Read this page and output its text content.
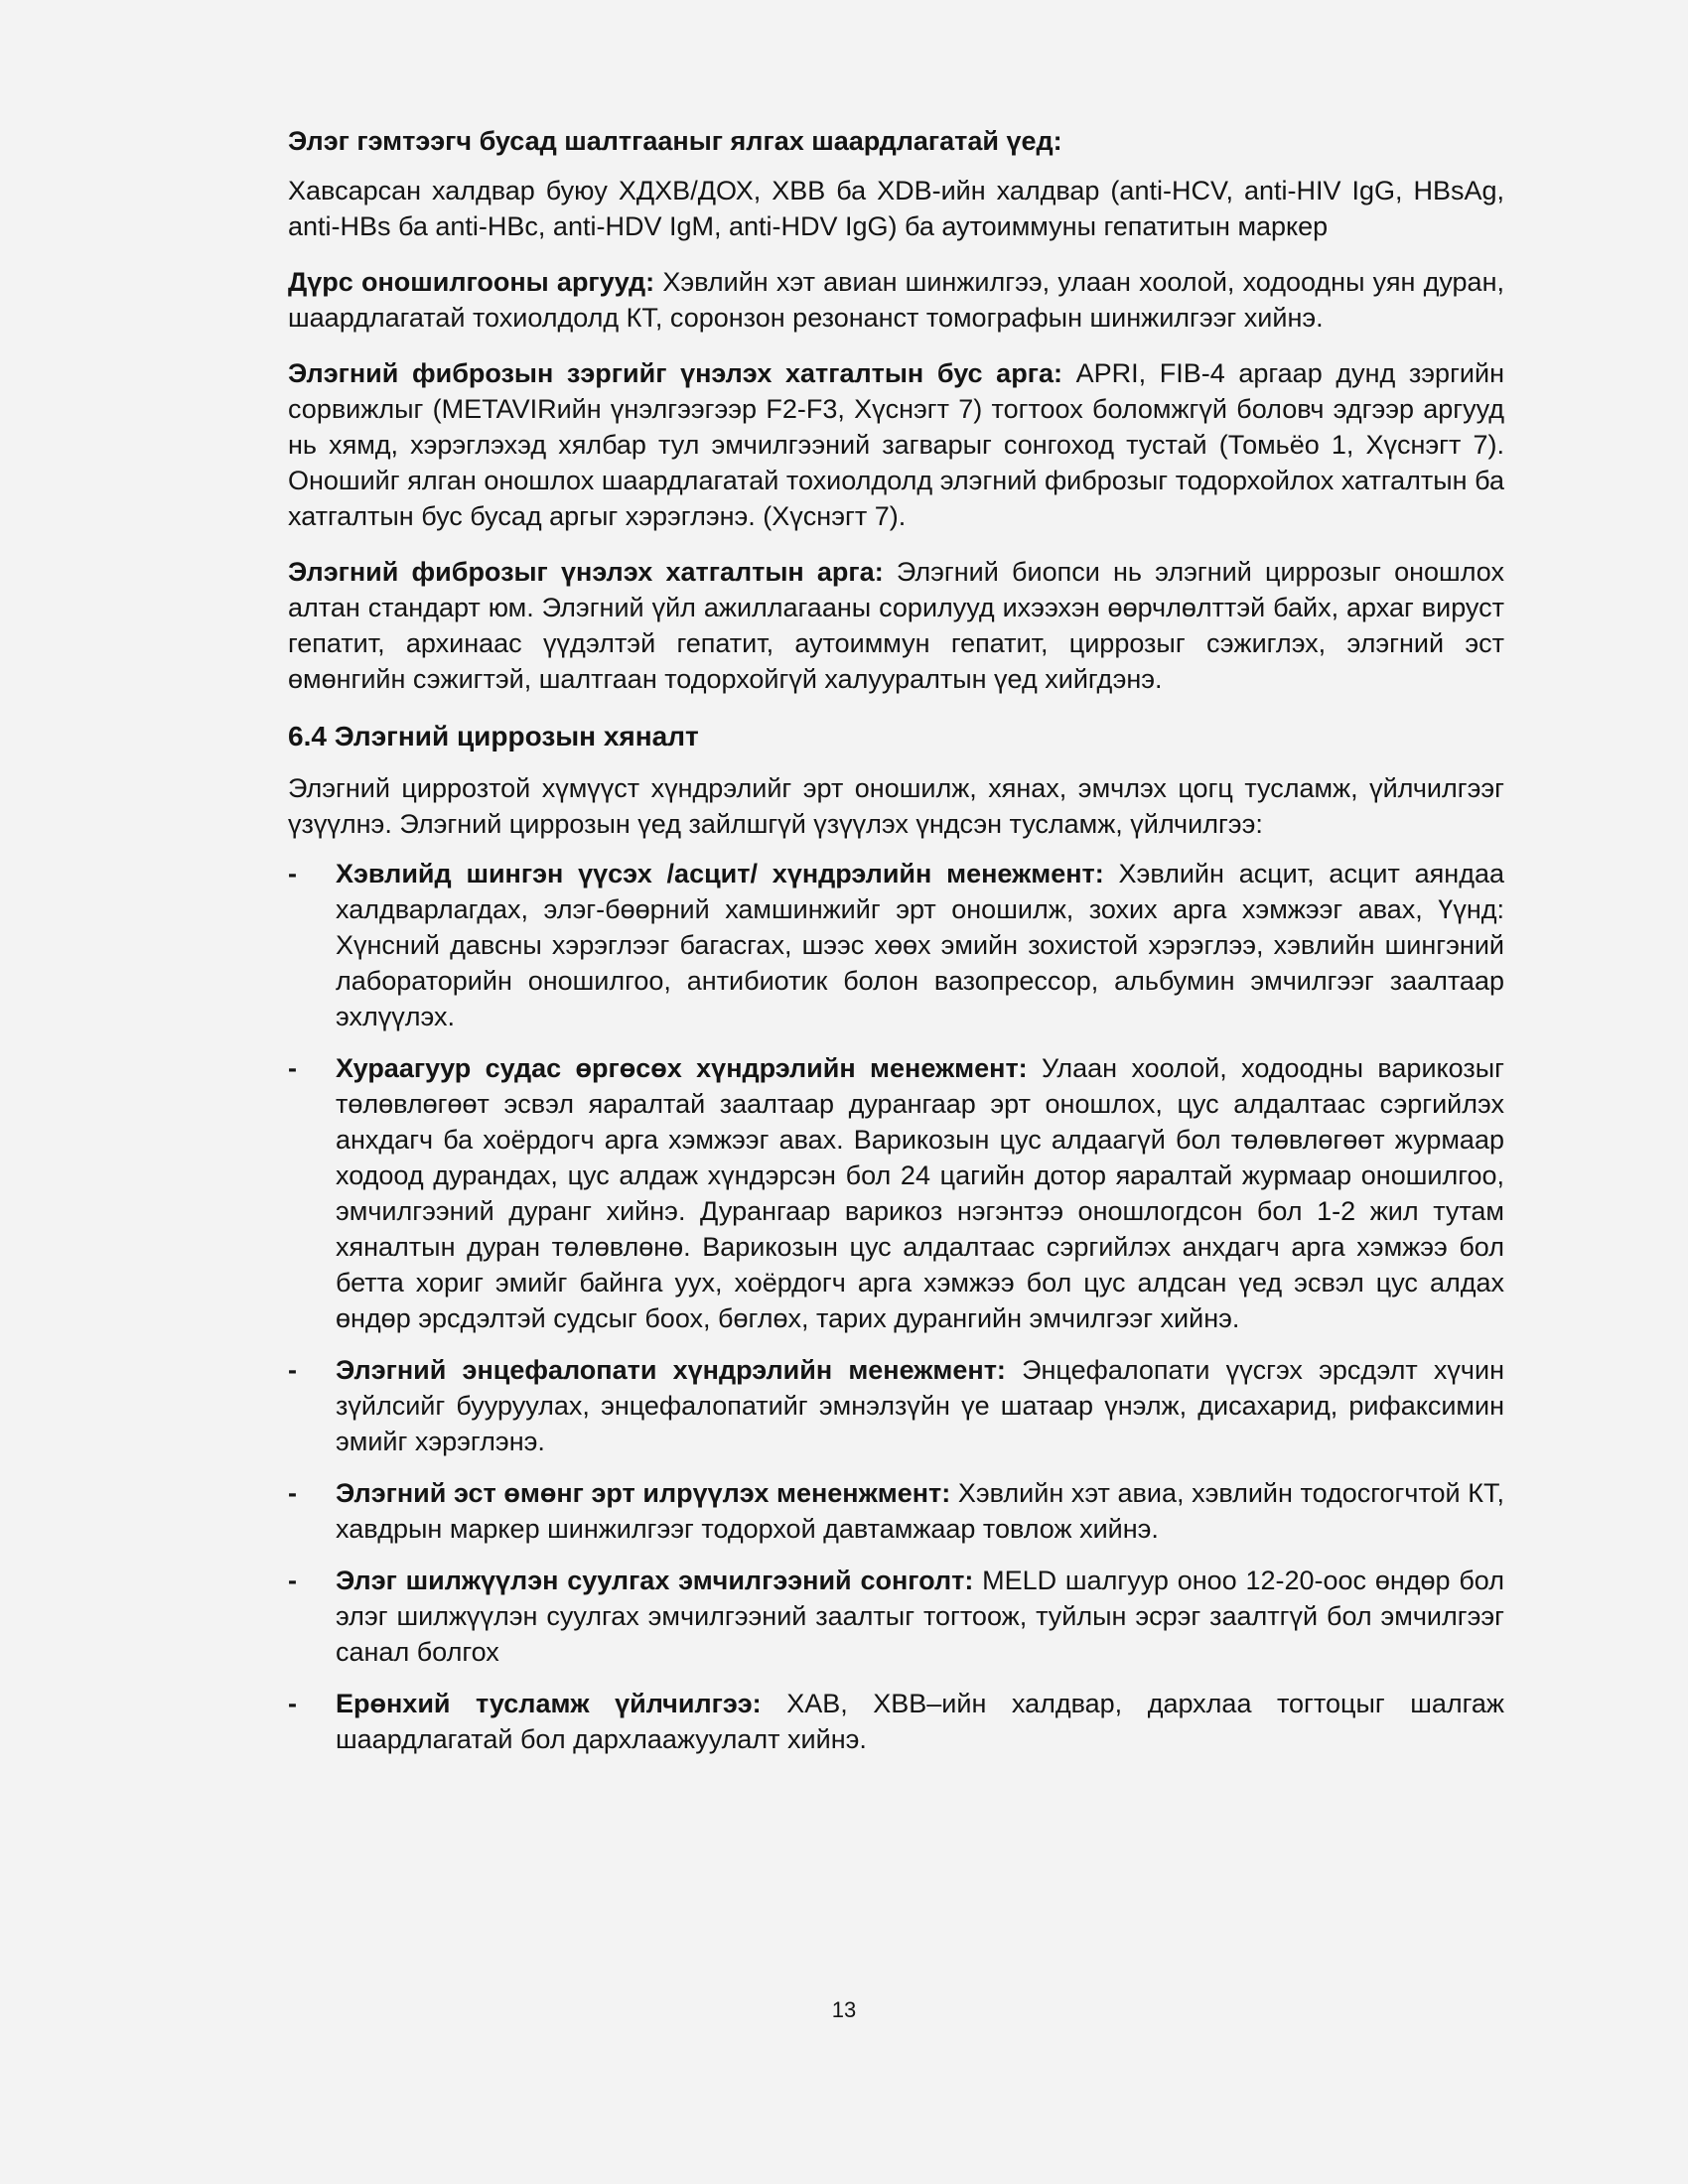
Элэг гэмтээгч бусад шалтгааныг ялгах шаардлагатай үед:

Хавсарсан халдвар буюу ХДХВ/ДОХ, ХВВ ба ХDВ-ийн халдвар (anti-HCV, anti-HIV IgG, HBsAg, anti-HBs ба anti-HBc, anti-HDV IgM, anti-HDV IgG) ба аутоиммуны гепатитын маркер

Дүрс оношилгооны аргууд: Хэвлийн хэт авиан шинжилгээ, улаан хоолой, ходоодны уян дуран, шаардлагатай тохиолдолд КТ, соронзон резонанст томографын шинжилгээг хийнэ.

Элэгний фиброзын зэргийг үнэлэх хатгалтын бус арга: APRI, FIB-4 аргаар дунд зэргийн сорвижлыг (METAVIRийн үнэлгээгээр F2-F3, Хүснэгт 7) тогтоох боломжгүй боловч эдгээр аргууд нь хямд, хэрэглэхэд хялбар тул эмчилгээний загварыг сонгоход тустай (Томьёо 1, Хүснэгт 7). Оношийг ялган оношлох шаардлагатай тохиолдолд элэгний фиброзыг тодорхойлох хатгалтын ба хатгалтын бус бусад аргыг хэрэглэнэ. (Хүснэгт 7).

Элэгний фиброзыг үнэлэх хатгалтын арга: Элэгний биопси нь элэгний циррозыг оношлох алтан стандарт юм. Элэгний үйл ажиллагааны сорилууд ихээхэн өөрчлөлттэй байх, архаг вируст гепатит, архинаас үүдэлтэй гепатит, аутоиммун гепатит, циррозыг сэжиглэх, элэгний эст өмөнгийн сэжигтэй, шалтгаан тодорхойгүй халууралтын үед хийгдэнэ.

6.4 Элэгний циррозын хяналт

Элэгний циррозтой хүмүүст хүндрэлийг эрт оношилж, хянах, эмчлэх цогц тусламж, үйлчилгээг үзүүлнэ. Элэгний циррозын үед зайлшгүй үзүүлэх үндсэн тусламж, үйлчилгээ:

-	Хэвлийд шингэн үүсэх /асцит/ хүндрэлийн менежмент: Хэвлийн асцит, асцит аяндаа халдварлагдах, элэг-бөөрний хамшинжийг эрт оношилж, зохих арга хэмжээг авах, Үүнд: Хүнсний давсны хэрэглээг багасгах, шээс хөөх эмийн зохистой хэрэглээ, хэвлийн шингэний лабораторийн оношилгоо, антибиотик болон вазопрессор, альбумин эмчилгээг заалтаар эхлүүлэх.
-	Хураагуур судас өргөсөх хүндрэлийн менежмент: Улаан хоолой, ходоодны варикозыг төлөвлөгөөт эсвэл яаралтай заалтаар дурангаар эрт оношлох, цус алдалтаас сэргийлэх анхдагч ба хоёрдогч арга хэмжээг авах. Варикозын цус алдаагүй бол төлөвлөгөөт журмаар ходоод дурандах, цус алдаж хүндэрсэн бол 24 цагийн дотор яаралтай журмаар оношилгоо, эмчилгээний дуранг хийнэ. Дурангаар варикоз нэгэнтээ оношлогдсон бол 1-2 жил тутам хяналтын дуран төлөвлөнө. Варикозын цус алдалтаас сэргийлэх анхдагч арга хэмжээ бол бетта хориг эмийг байнга уух, хоёрдогч арга хэмжээ бол цус алдсан үед эсвэл цус алдах өндөр эрсдэлтэй судсыг боох, бөглөх, тарих дурангийн эмчилгээг хийнэ.
-	Элэгний энцефалопати хүндрэлийн менежмент: Энцефалопати үүсгэх эрсдэлт хүчин зүйлсийг бууруулах, энцефалопатийг эмнэлзүйн үе шатаар үнэлж, дисахарид, рифаксимин эмийг хэрэглэнэ.
-	Элэгний эст өмөнг эрт илрүүлэх мененжмент: Хэвлийн хэт авиа, хэвлийн тодосгогчтой КТ, хавдрын маркер шинжилгээг тодорхой давтамжаар товлож хийнэ.
-	Элэг шилжүүлэн суулгах эмчилгээний сонголт: MELD шалгуур оноо 12-20-оос өндөр бол элэг шилжүүлэн суулгах эмчилгээний заалтыг тогтоож, туйлын эсрэг заалтгүй бол эмчилгээг санал болгох
-	Ерөнхий тусламж үйлчилгээ: ХАВ, ХВВ–ийн халдвар, дархлаа тогтоцыг шалгаж шаардлагатай бол дархлаажуулалт хийнэ.
13
